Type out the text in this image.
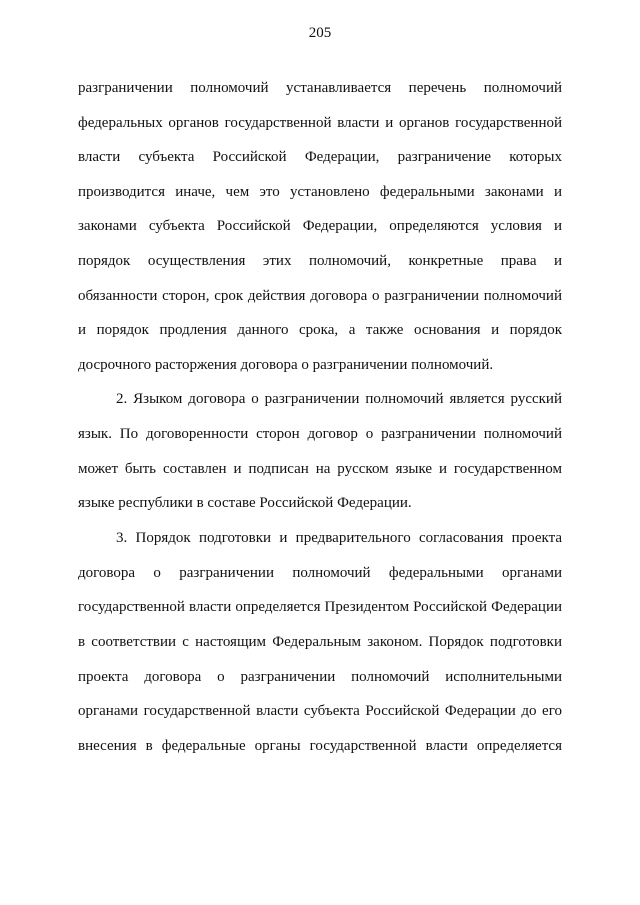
205
разграничении полномочий устанавливается перечень полномочий
федеральных органов государственной власти и органов государственной
власти субъекта Российской Федерации, разграничение которых
производится иначе, чем это установлено федеральными законами и
законами субъекта Российской Федерации, определяются условия и
порядок осуществления этих полномочий, конкретные права и
обязанности сторон, срок действия договора о разграничении полномочий
и порядок продления данного срока, а также основания и порядок
досрочного расторжения договора о разграничении полномочий.
2. Языком договора о разграничении полномочий является русский
язык. По договоренности сторон договор о разграничении полномочий
может быть составлен и подписан на русском языке и государственном
языке республики в составе Российской Федерации.
3. Порядок подготовки и предварительного согласования проекта
договора о разграничении полномочий федеральными органами
государственной власти определяется Президентом Российской Федерации
в соответствии с настоящим Федеральным законом. Порядок подготовки
проекта договора о разграничении полномочий исполнительными
органами государственной власти субъекта Российской Федерации до его
внесения в федеральные органы государственной власти определяется
